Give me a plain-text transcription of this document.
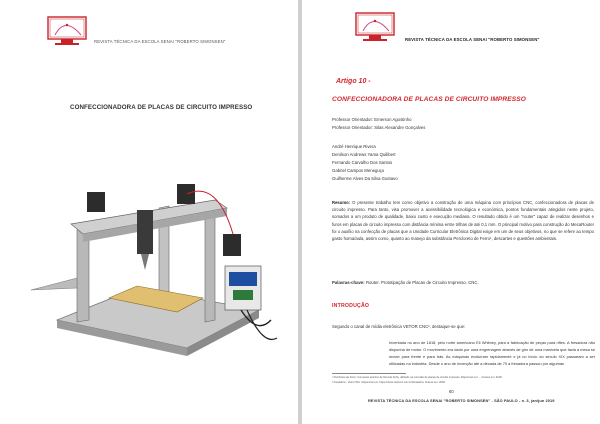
REVISTA TÉCNICA DA ESCOLA SENAI "ROBERTO SIMONSEN"
CONFECCIONADORA DE PLACAS DE CIRCUITO IMPRESSO
REVISTA TÉCNICA DA ESCOLA SENAI "ROBERTO SIMONSEN"
Artigo 10 -
CONFECCIONADORA DE PLACAS DE CIRCUITO IMPRESSO
Professor Orientador: Emerson Agostinho
Professor Orientador: Silas Alexandre Gonçalves
André Henrique Rivera
Denilson Andrews Yama Quilibert
Fernando Carvalho Dos Santos
Gabriel Campos Meneguço
Guilherme Alves Da Silva Gustavo
Resumo: O presente trabalho tem como objetivo a construção de uma máquina com princípios CNC, confeccionadora de placas de circuito impresso. Para tanto, visa promover a acessibilidade tecnológica e económica, pontos fundamentais atingidos neste projeto, somados a um produto de qualidade, baixo custo e execução mediana. O resultado obtido é um "router" capaz de realizar desenhos e furos em placas de circuito impresso com distância mínima entre trilhas de até 0,1 mm. O principal motivo para construção do MecaRouter foi o auxílio na confecção de placas que a Unidade Curricular Eletrônica Digital exige em um de seus objetivos, no que se refere ao tempo gasto homa/aula, assim como, quanto ao manejo da substância Percloreto de Ferro¹, descartes e questões ambientais.
Palavras-chave: Router. Prototipação de Placas de Circuito Impresso. CNC.
INTRODUÇÃO
Segundo o canal de mídia eletrônica VETOR CNC², destaque-se que:
Inventada no ano de 1818, pelo norte americano Eli Whitney, para a fabricação de peças para rifles. A fresadora não dispunha de motor. O movimento era dado por uma engrenagem através de giro de uma manivela que fazia a mesa se mover para frente e para trás. As máquinas evoluíram rapidamente e já no início do século XIX passaram a ser utilizadas na indústria. Desde o ano de invenção até a década de 70 a fresadora passou por algumas
¹ Percloreto de Ferro: Composto químico de fórmula FeCl₃ utilizado na corrosão de placas de circuito impresso. Disponível em: ... Acesso em: 2018.
² Fresadora - Vetor CNC. Disponível em: https://www.vetorcnc.com.br/fresadora. Acesso em: 2018.
60
REVISTA TÉCNICA DA ESCOLA SENAI "ROBERTO SIMONSEN" - SÃO PAULO - n. 3, jan/jun 2019
